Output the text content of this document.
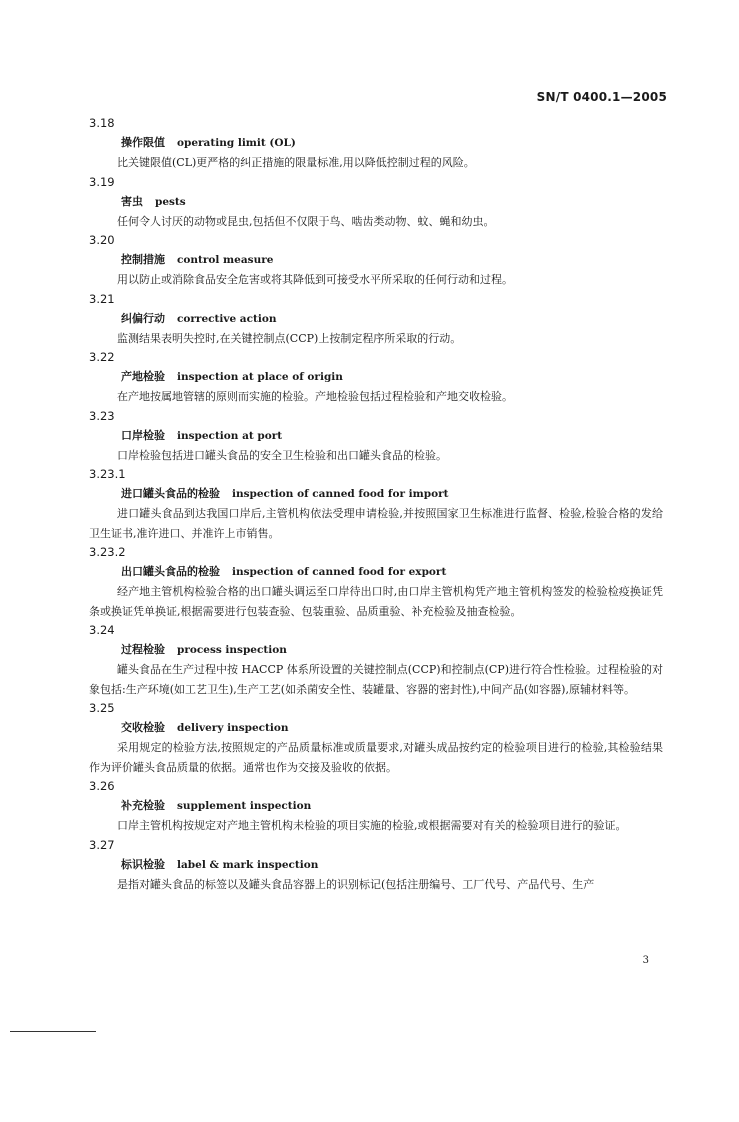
SN/T 0400.1—2005
3.18
操作限值 operating limit (OL)
比关键限值(CL)更严格的纠正措施的限量标准,用以降低控制过程的风险。
3.19
害虫 pests
任何令人讨厌的动物或昆虫,包括但不仅限于鸟、啮齿类动物、蚊、蝇和幼虫。
3.20
控制措施 control measure
用以防止或消除食品安全危害或将其降低到可接受水平所采取的任何行动和过程。
3.21
纠偏行动 corrective action
监测结果表明失控时,在关键控制点(CCP)上按制定程序所采取的行动。
3.22
产地检验 inspection at place of origin
在产地按属地管辖的原则而实施的检验。产地检验包括过程检验和产地交收检验。
3.23
口岸检验 inspection at port
口岸检验包括进口罐头食品的安全卫生检验和出口罐头食品的检验。
3.23.1
进口罐头食品的检验 inspection of canned food for import
进口罐头食品到达我国口岸后,主管机构依法受理申请检验,并按照国家卫生标准进行监督、检验,检验合格的发给卫生证书,准许进口、并准许上市销售。
3.23.2
出口罐头食品的检验 inspection of canned food for export
经产地主管机构检验合格的出口罐头调运至口岸待出口时,由口岸主管机构凭产地主管机构签发的检验检疫换证凭条或换证凭单换证,根据需要进行包装查验、包装重验、品质重验、补充检验及抽查检验。
3.24
过程检验 process inspection
罐头食品在生产过程中按 HACCP 体系所设置的关键控制点(CCP)和控制点(CP)进行符合性检验。过程检验的对象包括:生产环境(如工艺卫生),生产工艺(如杀菌安全性、装罐量、容器的密封性),中间产品(如容器),原辅材料等。
3.25
交收检验 delivery inspection
采用规定的检验方法,按照规定的产品质量标准或质量要求,对罐头成品按约定的检验项目进行的检验,其检验结果作为评价罐头食品质量的依据。通常也作为交接及验收的依据。
3.26
补充检验 supplement inspection
口岸主管机构按规定对产地主管机构未检验的项目实施的检验,或根据需要对有关的检验项目进行的验证。
3.27
标识检验 label & mark inspection
是指对罐头食品的标签以及罐头食品容器上的识别标记(包括注册编号、工厂代号、产品代号、生产
3
